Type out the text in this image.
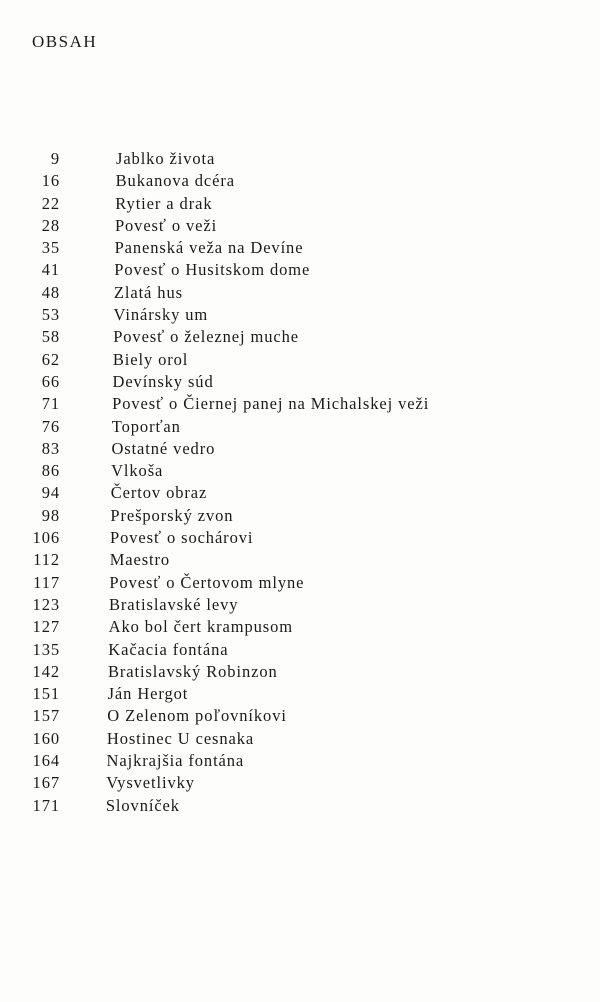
OBSAH
9	Jablko života
16	Bukanova dcéra
22	Rytier a drak
28	Povesť o veži
35	Panenská veža na Devíne
41	Povesť o Husitskom dome
48	Zlatá hus
53	Vinársky um
58	Povesť o železnej muche
62	Biely orol
66	Devínsky súd
71	Povesť o Čiernej panej na Michalskej veži
76	Toporťan
83	Ostatné vedro
86	Vlkoša
94	Čertov obraz
98	Prešporský zvon
106	Povesť o sochárovi
112	Maestro
117	Povesť o Čertovom mlyne
123	Bratislavské levy
127	Ako bol čert krampusom
135	Kačacia fontána
142	Bratislavský Robinzon
151	Ján Hergot
157	O Zelenom poľovníkovi
160	Hostinec U cesnaka
164	Najkrajšia fontána
167	Vysvetlivky
171	Slovníček
